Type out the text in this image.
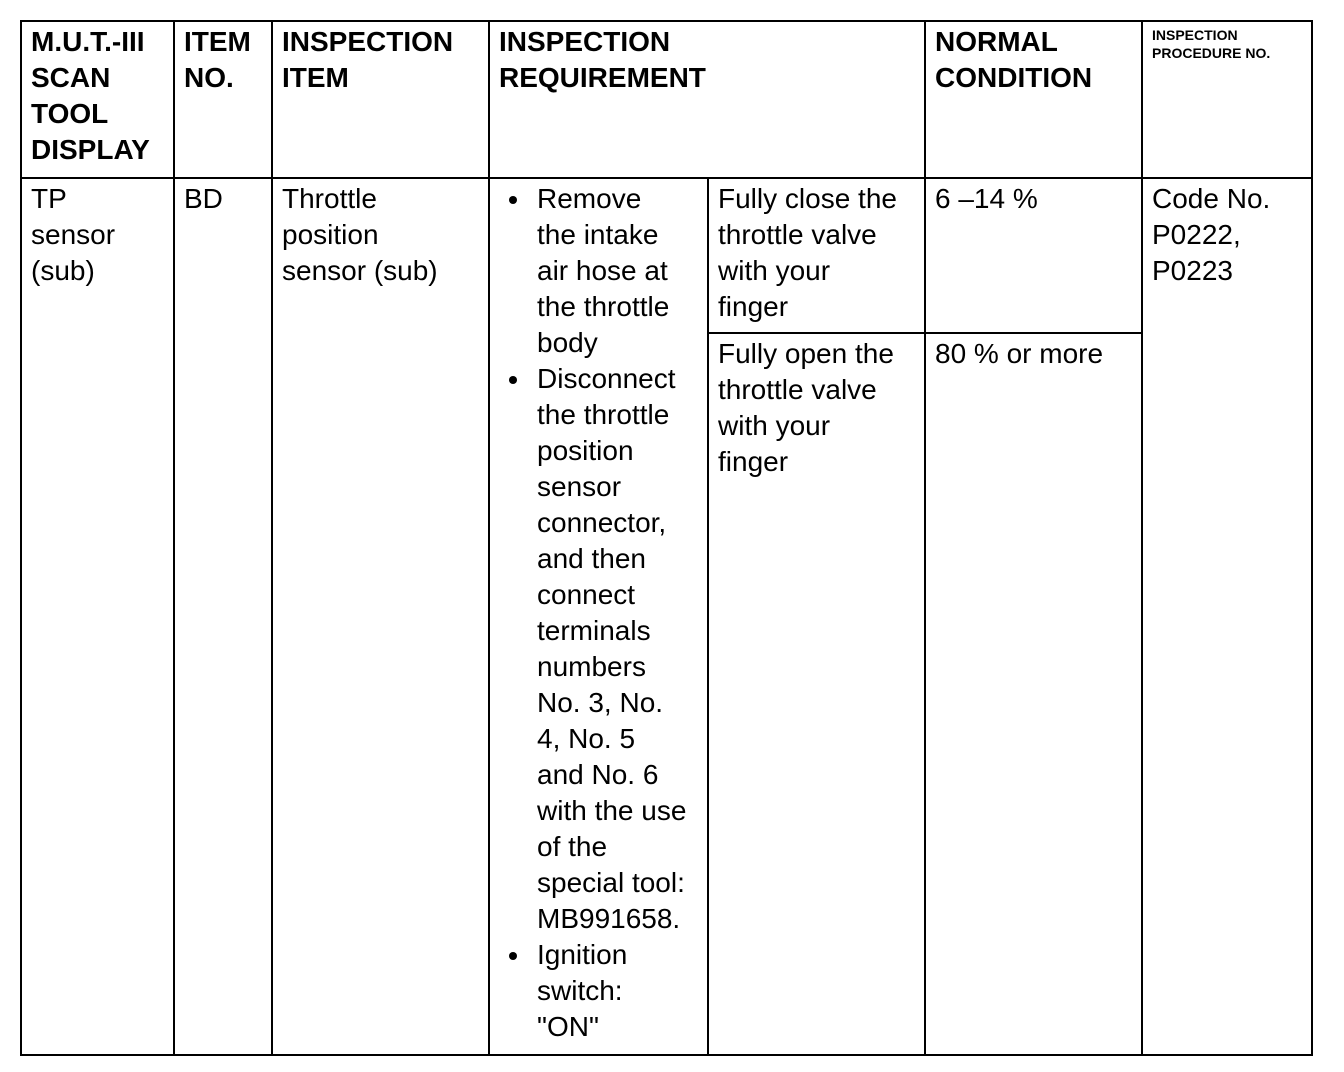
M.U.T.-III
SCAN
TOOL
DISPLAY
ITEM
NO.
INSPECTION
ITEM
INSPECTION
REQUIREMENT
NORMAL
CONDITION
INSPECTION
PROCEDURE NO.
TP
sensor
(sub)
BD	Throttle
position
sensor (sub)
Remove
the intake
air hose at
the throttle
body
Disconnect
the throttle
position
sensor
connector,
and then
connect
terminals
numbers
No. 3, No.
4, No. 5
and No. 6
with the use
of the
special tool:
MB991658.
Ignition
switch:
"ON"
Fully close the
throttle valve
with your
finger
6 –14 %
Fully open the
throttle valve
with your
finger
80 % or more
Code No.
P0222,
P0223
